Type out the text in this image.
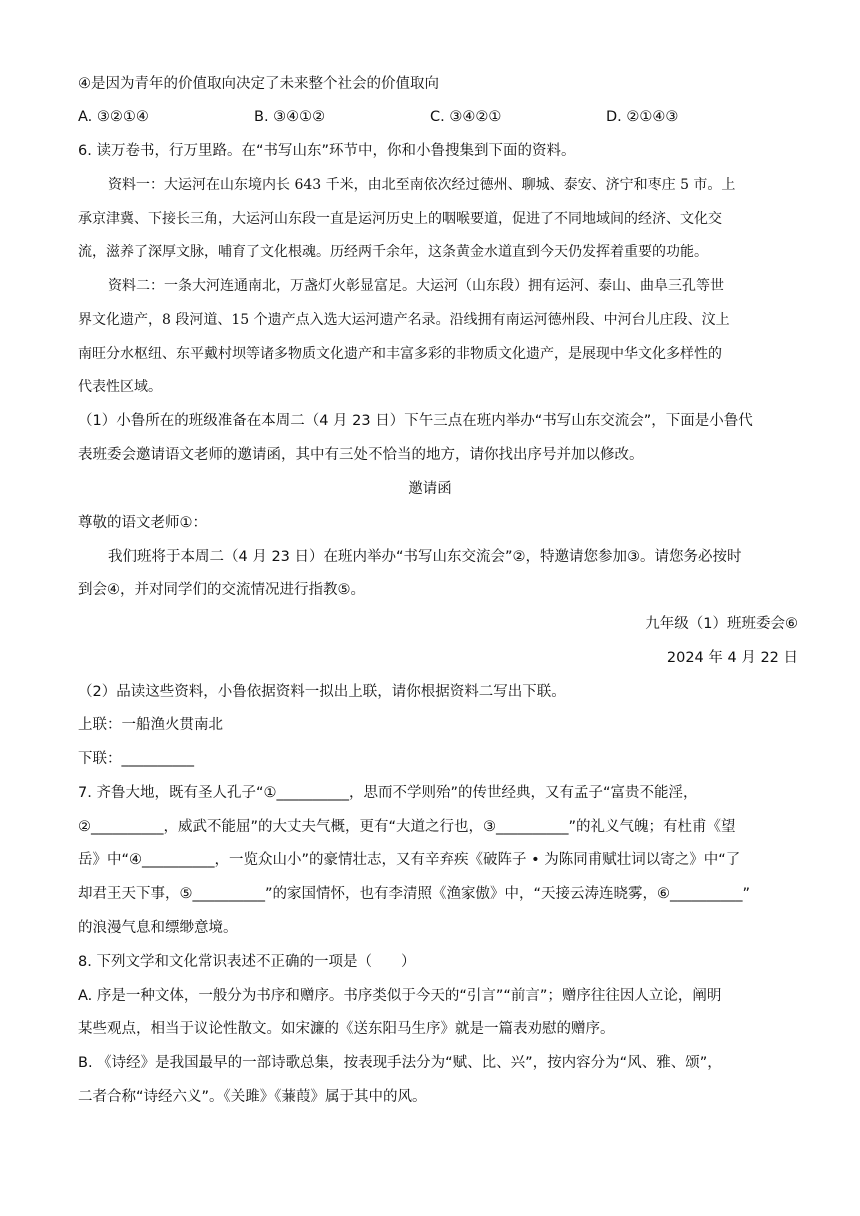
④是因为青年的价值取向决定了未来整个社会的价值取向
A. ③②①④	B. ③④①②	C. ③④②①	D. ②①④③
6. 读万卷书，行万里路。在“书写山东”环节中，你和小鲁搜集到下面的资料。
资料一：大运河在山东境内长 643 千米，由北至南依次经过德州、聊城、泰安、济宁和枣庄 5 市。上
承京津冀、下接长三角，大运河山东段一直是运河历史上的咽喉要道，促进了不同地域间的经济、文化交
流，滋养了深厚文脉，哺育了文化根魂。历经两千余年，这条黄金水道直到今天仍发挥着重要的功能。
资料二：一条大河连通南北，万盏灯火彰显富足。大运河（山东段）拥有运河、泰山、曲阜三孔等世
界文化遗产，8 段河道、15 个遗产点入选大运河遗产名录。沿线拥有南运河德州段、中河台儿庄段、汶上
南旺分水枢纽、东平戴村坝等诸多物质文化遗产和丰富多彩的非物质文化遗产，是展现中华文化多样性的
代表性区域。
（1）小鲁所在的班级准备在本周二（4 月 23 日）下午三点在班内举办“书写山东交流会”，下面是小鲁代
表班委会邀请语文老师的邀请函，其中有三处不恰当的地方，请你找出序号并加以修改。
邀请函
尊敬的语文老师①：
我们班将于本周二（4 月 23 日）在班内举办“书写山东交流会”②，特邀请您参加③。请您务必按时
到会④，并对同学们的交流情况进行指教⑤。
九年级（1）班班委会⑥
2024 年 4 月 22 日
（2）品读这些资料，小鲁依据资料一拟出上联，请你根据资料二写出下联。
上联：一船渔火贯南北
下联：__________
7. 齐鲁大地，既有圣人孔子“①__________，思而不学则殆”的传世经典，又有孟子“富贵不能淫，
②__________，威武不能屈”的大丈夫气概，更有“大道之行也，③__________”的礼义气魄；有杜甫《望
岳》中“④__________，一览众山小”的豪情壮志，又有辛弃疾《破阵子 • 为陈同甫赋壮词以寄之》中“了
却君王天下事，⑤__________”的家国情怀，也有李清照《渔家傲》中，“天接云涛连晓雾，⑥__________”
的浪漫气息和缥缈意境。
8. 下列文学和文化常识表述不正确的一项是（　　）
A. 序是一种文体，一般分为书序和赠序。书序类似于今天的“引言”“前言”；赠序往往因人立论，阐明
某些观点，相当于议论性散文。如宋濂的《送东阳马生序》就是一篇表劝慰的赠序。
B. 《诗经》是我国最早的一部诗歌总集，按表现手法分为“赋、比、兴”，按内容分为“风、雅、颂”，
二者合称“诗经六义”。《关雎》《蒹葭》属于其中的风。
